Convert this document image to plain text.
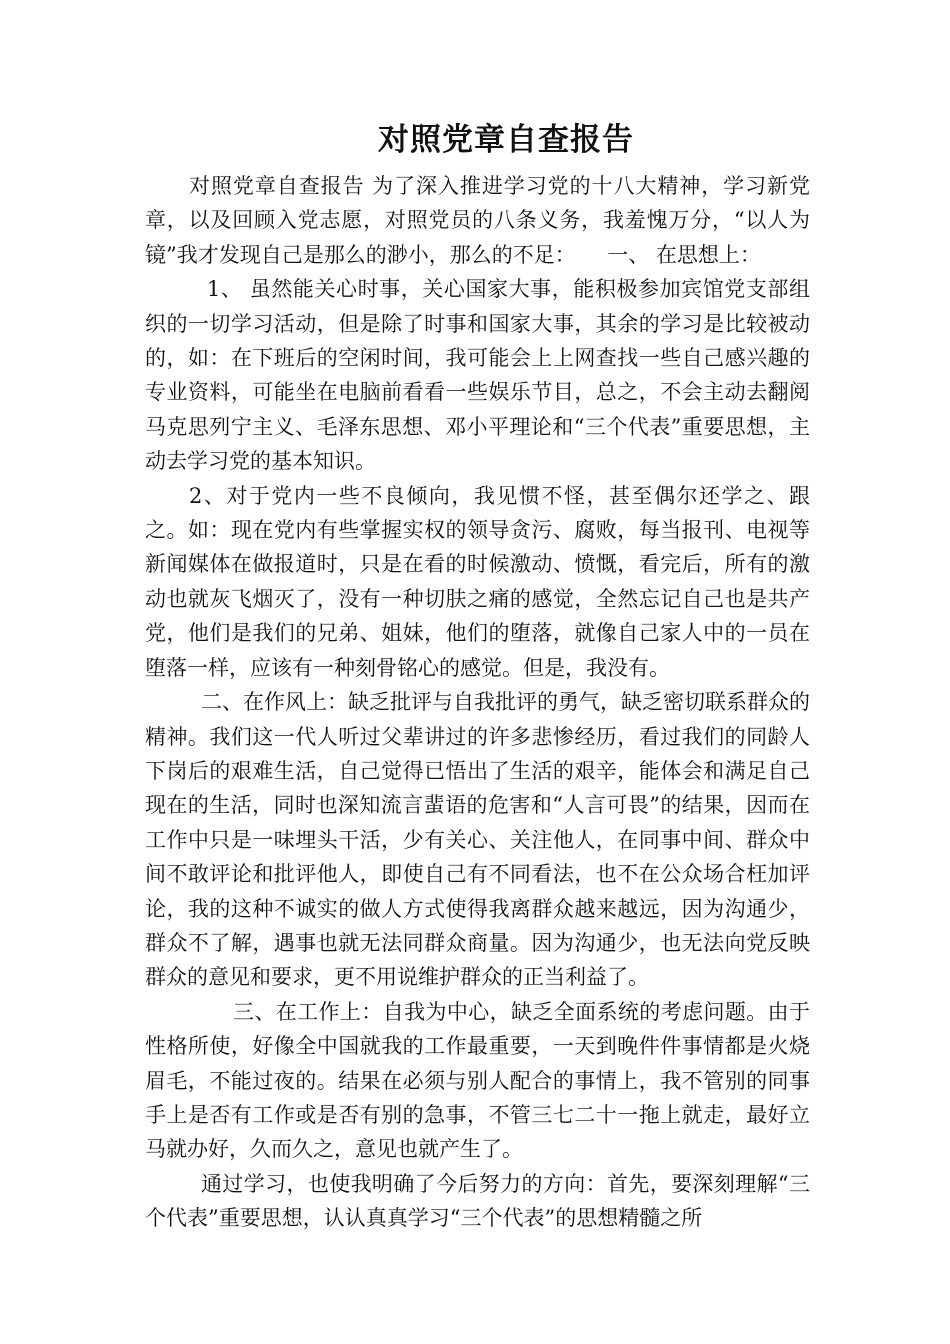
对照党章自查报告

对照党章自查报告 为了深入推进学习党的十八大精神，学习新党章，以及回顾入党志愿，对照党员的八条义务，我羞愧万分，“以人为镜”我才发现自己是那么的渺小，那么的不足：　　一、 在思想上：

1、 虽然能关心时事，关心国家大事，能积极参加宾馆党支部组织的一切学习活动，但是除了时事和国家大事，其余的学习是比较被动的，如：在下班后的空闲时间，我可能会上上网查找一些自己感兴趣的专业资料，可能坐在电脑前看看一些娱乐节目，总之，不会主动去翻阅马克思列宁主义、毛泽东思想、邓小平理论和“三个代表”重要思想，主动去学习党的基本知识。

2、对于党内一些不良倾向，我见惯不怪，甚至偶尔还学之、跟之。如：现在党内有些掌握实权的领导贪污、腐败，每当报刊、电视等新闻媒体在做报道时，只是在看的时候激动、愤慨，看完后，所有的激动也就灰飞烟灭了，没有一种切肤之痛的感觉，全然忘记自己也是共产党，他们是我们的兄弟、姐妹，他们的堕落，就像自己家人中的一员在堕落一样，应该有一种刻骨铭心的感觉。但是，我没有。

二、在作风上：缺乏批评与自我批评的勇气，缺乏密切联系群众的精神。我们这一代人听过父辈讲过的许多悲惨经历，看过我们的同龄人下岗后的艰难生活，自己觉得已悟出了生活的艰辛，能体会和满足自己现在的生活，同时也深知流言蜚语的危害和“人言可畏”的结果，因而在工作中只是一味埋头干活，少有关心、关注他人，在同事中间、群众中间不敢评论和批评他人，即使自己有不同看法，也不在公众场合枉加评论，我的这种不诚实的做人方式使得我离群众越来越远，因为沟通少，群众不了解，遇事也就无法同群众商量。因为沟通少，也无法向党反映群众的意见和要求，更不用说维护群众的正当利益了。

三、在工作上：自我为中心，缺乏全面系统的考虑问题。由于性格所使，好像全中国就我的工作最重要，一天到晚件件事情都是火烧眉毛，不能过夜的。结果在必须与别人配合的事情上，我不管别的同事手上是否有工作或是否有别的急事，不管三七二十一拖上就走，最好立马就办好，久而久之，意见也就产生了。

通过学习，也使我明确了今后努力的方向：首先，要深刻理解“三个代表”重要思想，认认真真学习“三个代表”的思想精髓之所
